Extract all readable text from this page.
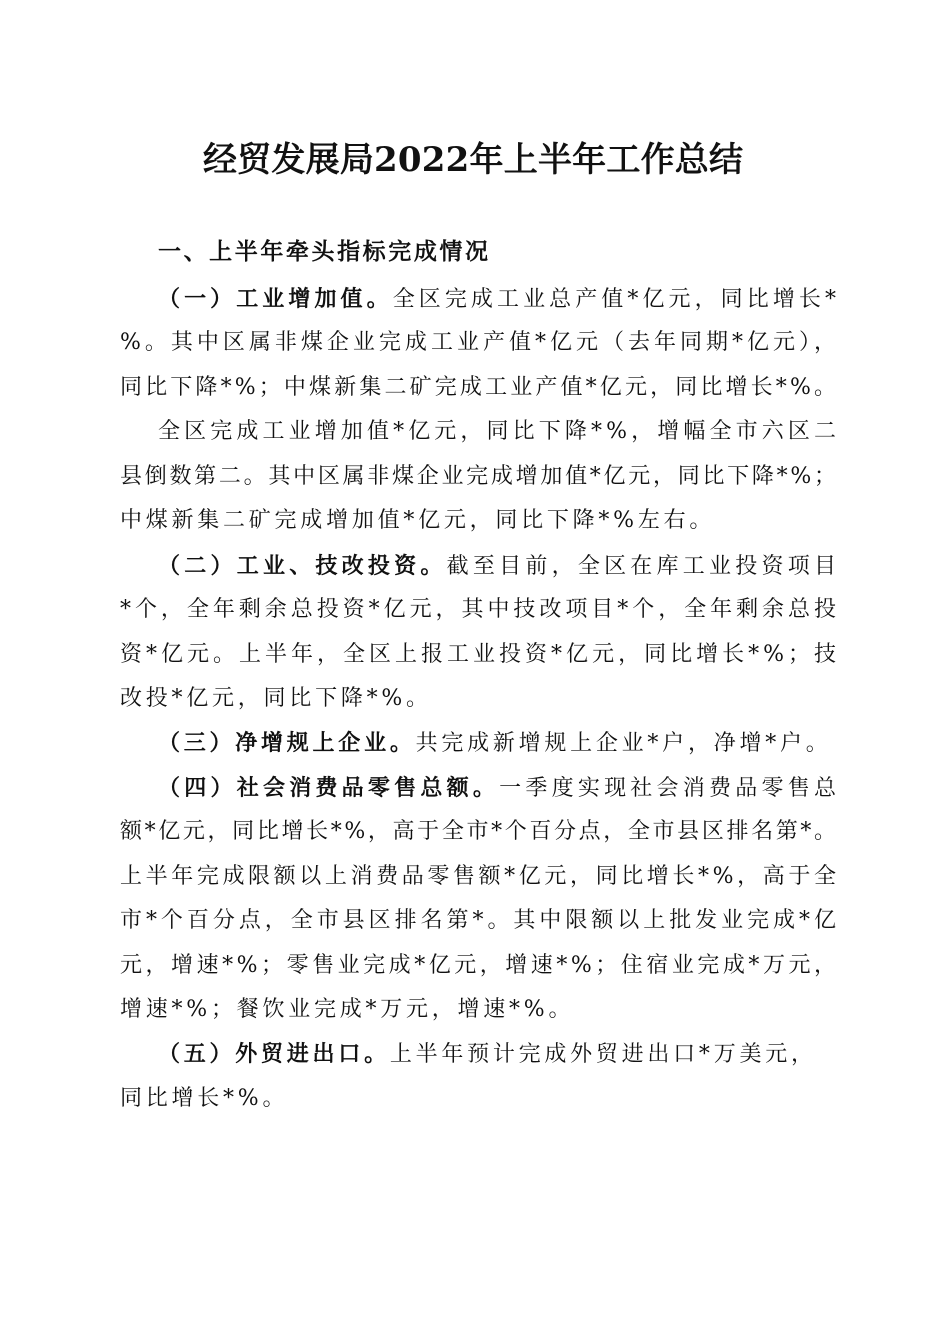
经贸发展局2022年上半年工作总结
一、上半年牵头指标完成情况
（一）工业增加值。全区完成工业总产值*亿元，同比增长*
%。其中区属非煤企业完成工业产值*亿元（去年同期*亿元），
同比下降*%；中煤新集二矿完成工业产值*亿元，同比增长*%。
全区完成工业增加值*亿元，同比下降*%，增幅全市六区二
县倒数第二。其中区属非煤企业完成增加值*亿元，同比下降*%；
中煤新集二矿完成增加值*亿元，同比下降*%左右。
（二）工业、技改投资。截至目前，全区在库工业投资项目
*个，全年剩余总投资*亿元，其中技改项目*个，全年剩余总投
资*亿元。上半年，全区上报工业投资*亿元，同比增长*%；技
改投*亿元，同比下降*%。
（三）净增规上企业。共完成新增规上企业*户，净增*户。
（四）社会消费品零售总额。一季度实现社会消费品零售总
额*亿元，同比增长*%，高于全市*个百分点，全市县区排名第*。
上半年完成限额以上消费品零售额*亿元，同比增长*%，高于全
市*个百分点，全市县区排名第*。其中限额以上批发业完成*亿
元，增速*%；零售业完成*亿元，增速*%；住宿业完成*万元，
增速*%；餐饮业完成*万元，增速*%。
（五）外贸进出口。上半年预计完成外贸进出口*万美元，
同比增长*%。
